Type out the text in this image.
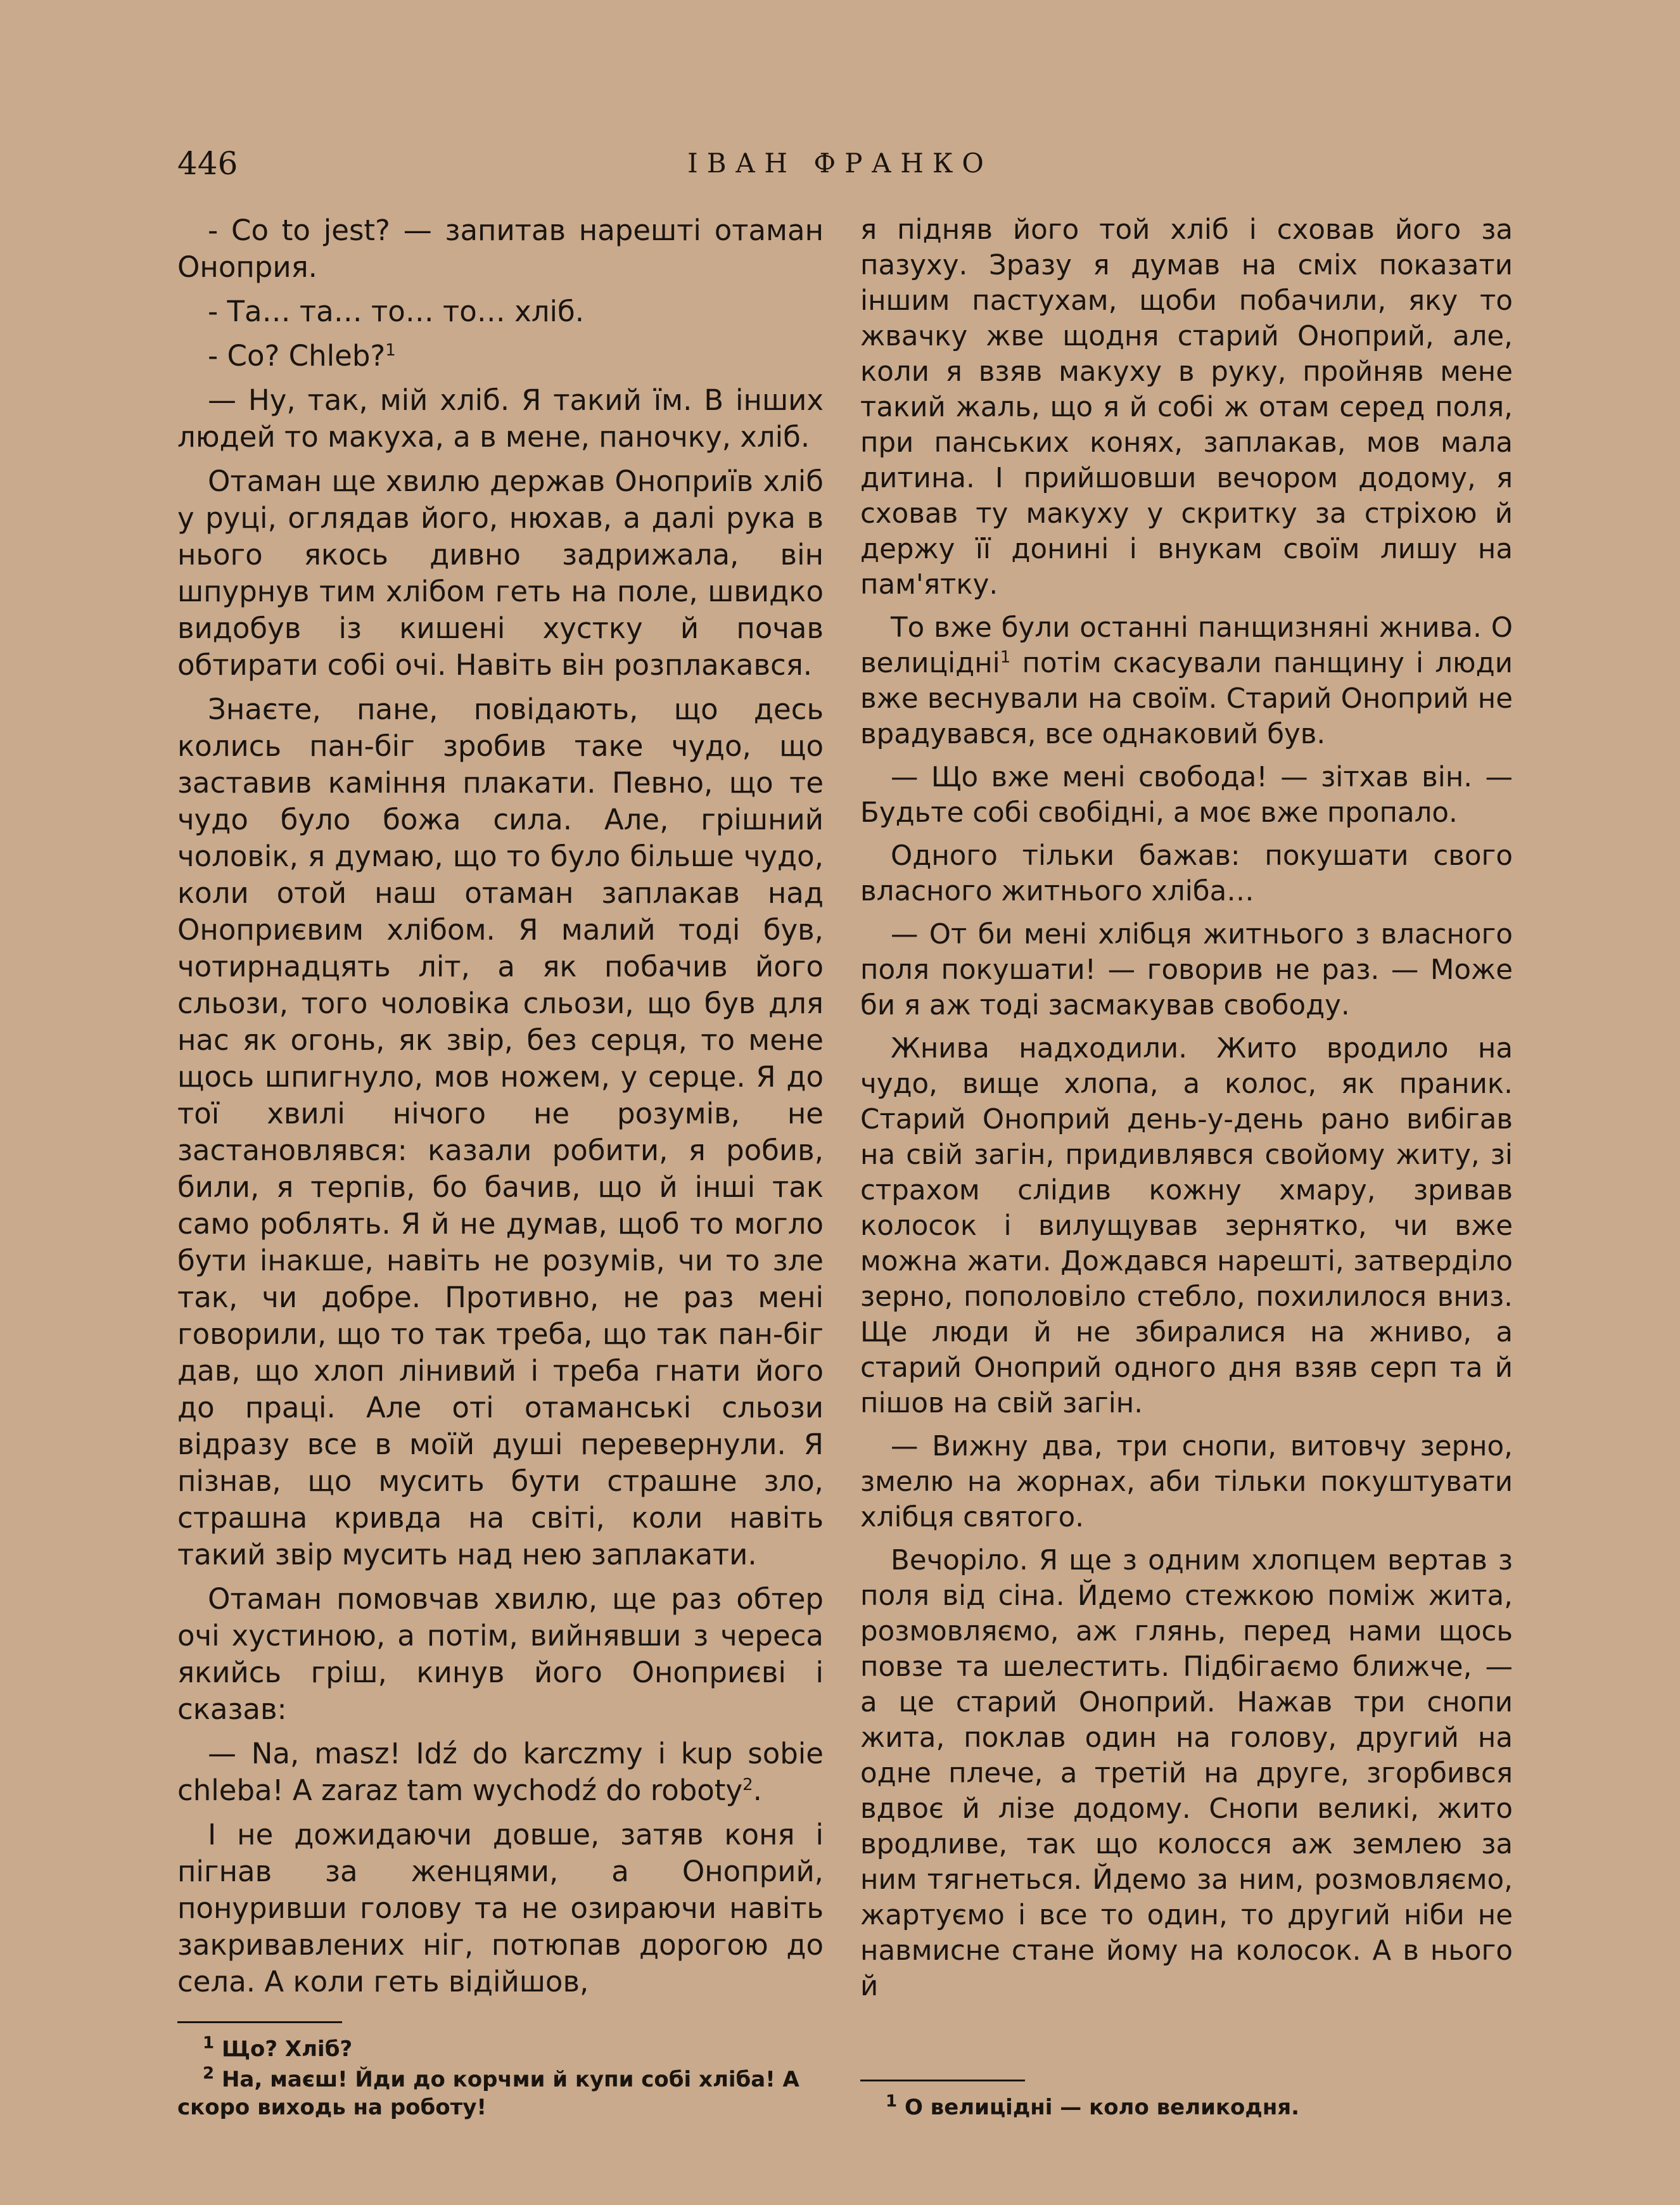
446	ІВАН ФРАНКО

- Co to jest? — запитав нарешті отаман Оноприя.

- Та… та… то… то… хліб.

- Co? Chleb?$^1$

— Ну, так, мій хліб. Я такий їм. В інших людей то макуха, а в мене, паночку, хліб.

Отаман ще хвилю держав Оноприїв хліб у руці, оглядав його, нюхав, а далі рука в нього якось дивно задрижала, він шпурнув тим хлібом геть на поле, швидко видобув із кишені хустку й почав обтирати собі очі. Навіть він розплакався.

Знаєте, пане, повідають, що десь колись пан-біг зробив таке чудо, що заставив каміння плакати. Певно, що те чудо було божа сила. Але, грішний чоловік, я думаю, що то було більше чудо, коли отой наш отаман заплакав над Оноприєвим хлібом. Я малий тоді був, чотирнадцять літ, а як побачив його сльози, того чоловіка сльози, що був для нас як огонь, як звір, без серця, то мене щось шпигнуло, мов ножем, у серце. Я до тої хвилі нічого не розумів, не застановлявся: казали робити, я робив, били, я терпів, бо бачив, що й інші так само роблять. Я й не думав, щоб то могло бути інакше, навіть не розумів, чи то зле так, чи добре. Противно, не раз мені говорили, що то так треба, що так пан-біг дав, що хлоп лінивий і треба гнати його до праці. Але оті отаманські сльози відразу все в моїй душі перевернули. Я пізнав, що мусить бути страшне зло, страшна кривда на світі, коли навіть такий звір мусить над нею заплакати.

Отаман помовчав хвилю, ще раз обтер очі хустиною, а потім, вийнявши з череса якийсь гріш, кинув його Оноприєві і сказав:

— Na, masz! Idź do karczmy i kup sobie chleba! A zaraz tam wychodź do roboty$^2$.

І не дожидаючи довше, затяв коня і пігнав за женцями, а Оноприй, понуривши голову та не озираючи навіть закривавлених ніг, потюпав дорогою до села. А коли геть відійшов,

я підняв його той хліб і сховав його за пазуху. Зразу я думав на сміх показати іншим пастухам, щоби побачили, яку то жвачку жве щодня старий Оноприй, але, коли я взяв макуху в руку, пройняв мене такий жаль, що я й собі ж отам серед поля, при панських конях, заплакав, мов мала дитина. І прийшовши вечором додому, я сховав ту макуху у скритку за стріхою й держу її донині і внукам своїм лишу на пам'ятку.

То вже були останні панщизняні жнива. О велицідні$^1$ потім скасували панщину і люди вже веснували на своїм. Старий Оноприй не врадувався, все однаковий був.

— Що вже мені свобода! — зітхав він. — Будьте собі свобідні, а моє вже пропало.

Одного тільки бажав: покушати свого власного житнього хліба…

— От би мені хлібця житнього з власного поля покушати! — говорив не раз. — Може би я аж тоді засмакував свободу.

Жнива надходили. Жито вродило на чудо, вище хлопа, а колос, як праник. Старий Оноприй день-у-день рано вибігав на свій загін, придивлявся свойому житу, зі страхом слідив кожну хмару, зривав колосок і вилущував зернятко, чи вже можна жати. Дождався нарешті, затверділо зерно, пополовіло стебло, похилилося вниз. Ще люди й не збиралися на жниво, а старий Оноприй одного дня взяв серп та й пішов на свій загін.

— Вижну два, три снопи, витовчу зерно, змелю на жорнах, аби тільки покуштувати хлібця святого.

Вечоріло. Я ще з одним хлопцем вертав з поля від сіна. Йдемо стежкою поміж жита, розмовляємо, аж глянь, перед нами щось повзе та шелестить. Підбігаємо ближче, — а це старий Оноприй. Нажав три снопи жита, поклав один на голову, другий на одне плече, а третій на друге, згорбився вдвоє й лізе додому. Снопи великі, жито вродливе, так що колосся аж землею за ним тягнеться. Йдемо за ним, розмовляємо, жартуємо і все то один, то другий ніби не навмисне стане йому на колосок. А в нього й

$^1$ Що? Хліб?

$^2$ На, маєш! Йди до корчми й купи собі хліба! А скоро виходь на роботу!	$^1$ О велицідні — коло великодня.
